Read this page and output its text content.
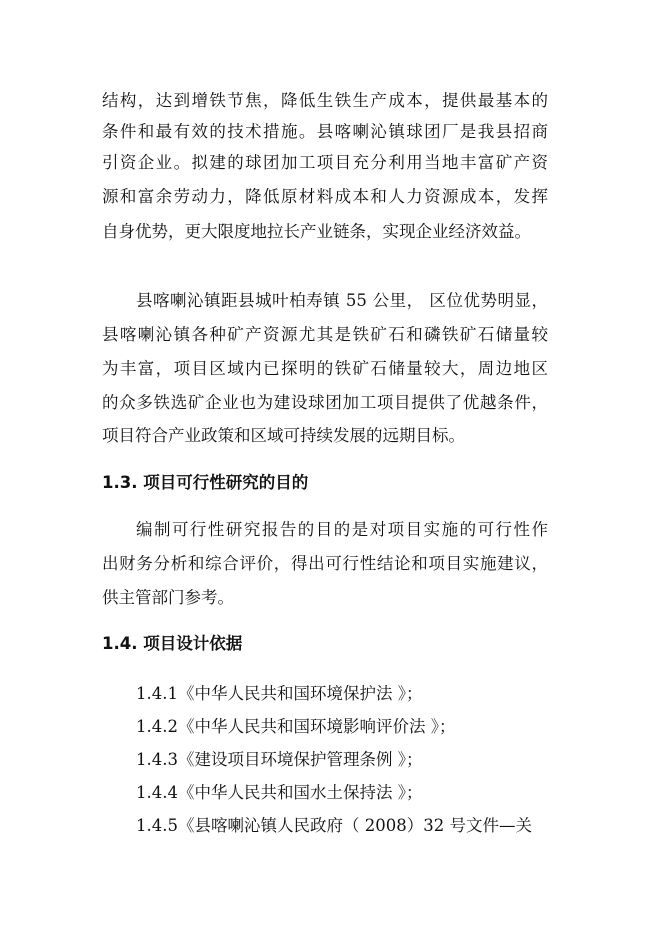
结构，达到增铁节焦，降低生铁生产成本，提供最基本的
条件和最有效的技术措施。县喀喇沁镇球团厂是我县招商
引资企业。拟建的球团加工项目充分利用当地丰富矿产资
源和富余劳动力，降低原材料成本和人力资源成本，发挥
自身优势，更大限度地拉长产业链条，实现企业经济效益。
县喀喇沁镇距县城叶柏寿镇 55 公里， 区位优势明显，
县喀喇沁镇各种矿产资源尤其是铁矿石和磷铁矿石储量较
为丰富，项目区域内已探明的铁矿石储量较大，周边地区
的众多铁选矿企业也为建设球团加工项目提供了优越条件，
项目符合产业政策和区域可持续发展的远期目标。
1.3. 项目可行性研究的目的
编制可行性研究报告的目的是对项目实施的可行性作
出财务分析和综合评价，得出可行性结论和项目实施建议，
供主管部门参考。
1.4. 项目设计依据
1.4.1《中华人民共和国环境保护法 》；
1.4.2《中华人民共和国环境影响评价法 》；
1.4.3《建设项目环境保护管理条例 》；
1.4.4《中华人民共和国水土保持法 》；
1.4.5《县喀喇沁镇人民政府（ 2008）32 号文件—关
